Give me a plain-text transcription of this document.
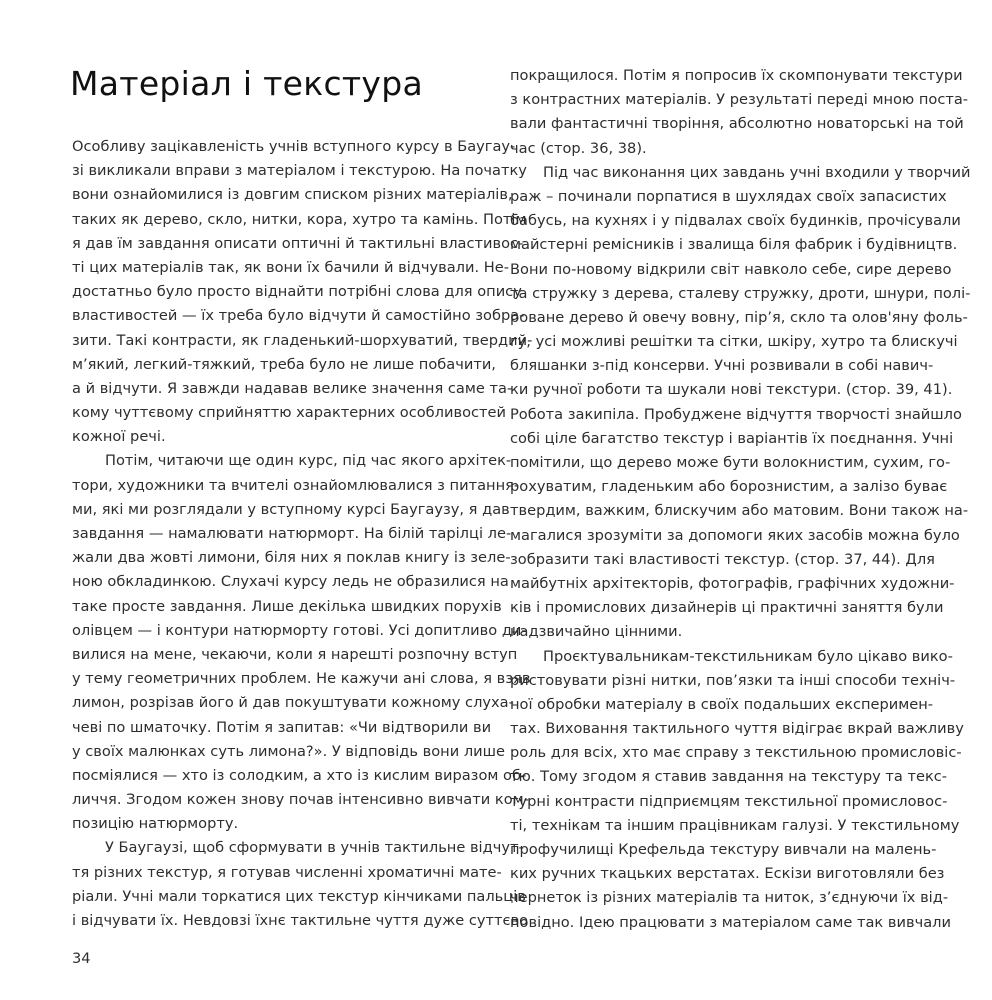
Матеріал і текстура
Особливу зацікавленість учнів вступного курсу в Баугау-
зі викликали вправи з матеріалом і текстурою. На початку
вони ознайомилися із довгим списком різних матеріалів,
таких як дерево, скло, нитки, кора, хутро та камінь. Потім
я дав їм завдання описати оптичні й тактильні властивос-
ті цих матеріалів так, як вони їх бачили й відчували. Не-
достатньо було просто віднайти потрібні слова для опису
властивостей — їх треба було відчути й самостійно зобра-
зити. Такі контрасти, як гладенький-шорхуватий, твердий-
м’який, легкий-тяжкий, треба було не лише побачити,
а й відчути. Я завжди надавав велике значення саме та-
кому чуттєвому сприйняттю характерних особливостей
кожної речі.
Потім, читаючи ще один курс, під час якого архітек-
тори, художники та вчителі ознайомлювалися з питання-
ми, які ми розглядали у вступному курсі Баугаузу, я дав
завдання — намалювати натюрморт. На білій тарілці ле-
жали два жовті лимони, біля них я поклав книгу із зеле-
ною обкладинкою. Слухачі курсу ледь не образилися на
таке просте завдання. Лише декілька швидких порухів
олівцем — і контури натюрморту готові. Усі допитливо ди-
вилися на мене, чекаючи, коли я нарешті розпочну вступ
у тему геометричних проблем. Не кажучи ані слова, я взяв
лимон, розрізав його й дав покуштувати кожному слуха-
чеві по шматочку. Потім я запитав: «Чи відтворили ви
у своїх малюнках суть лимона?». У відповідь вони лише
посміялися — хто із солодким, а хто із кислим виразом об-
личчя. Згодом кожен знову почав інтенсивно вивчати ком-
позицію натюрморту.
У Баугаузі, щоб сформувати в учнів тактильне відчут-
тя різних текстур, я готував численні хроматичні мате-
ріали. Учні мали торкатися цих текстур кінчиками пальців
і відчувати їх. Невдовзі їхнє тактильне чуття дуже суттєво
покращилося. Потім я попросив їх скомпонувати текстури
з контрастних матеріалів. У результаті переді мною поста-
вали фантастичні творіння, абсолютно новаторські на той
час (стор. 36, 38).
Під час виконання цих завдань учні входили у творчий
раж – починали порпатися в шухлядах своїх запасистих
бабусь, на кухнях і у підвалах своїх будинків, прочісували
майстерні ремісників і звалища біля фабрик і будівництв.
Вони по-новому відкрили світ навколо себе, сире дерево
та стружку з дерева, сталеву стружку, дроти, шнури, полі-
роване дерево й овечу вовну, пір’я, скло та олов'яну фоль-
гу, усі можливі решітки та сітки, шкіру, хутро та блискучі
бляшанки з-під консерви. Учні розвивали в собі навич-
ки ручної роботи та шукали нові текстури. (стор. 39, 41).
Робота закипіла. Пробуджене відчуття творчості знайшло
собі ціле багатство текстур і варіантів їх поєднання. Учні
помітили, що дерево може бути волокнистим, сухим, го-
рохуватим, гладеньким або борознистим, а залізо буває
твердим, важким, блискучим або матовим. Вони також на-
магалися зрозуміти за допомоги яких засобів можна було
зобразити такі властивості текстур. (стор. 37, 44). Для
майбутніх архітекторів, фотографів, графічних художни-
ків і промислових дизайнерів ці практичні заняття були
надзвичайно цінними.
Проєктувальникам-текстильникам було цікаво вико-
ристовувати різні нитки, пов’язки та інші способи техніч-
ної обробки матеріалу в своїх подальших експеримен-
тах. Виховання тактильного чуття відіграє вкрай важливу
роль для всіх, хто має справу з текстильною промисловіс-
тю. Тому згодом я ставив завдання на текстуру та текс-
турні контрасти підприємцям текстильної промисловос-
ті, технікам та іншим працівникам галузі. У текстильному
профучилищі Крефельда текстуру вивчали на малень-
ких ручних ткацьких верстатах. Ескізи виготовляли без
чернеток із різних матеріалів та ниток, з’єднуючи їх від-
повідно. Ідею працювати з матеріалом саме так вивчали

34
